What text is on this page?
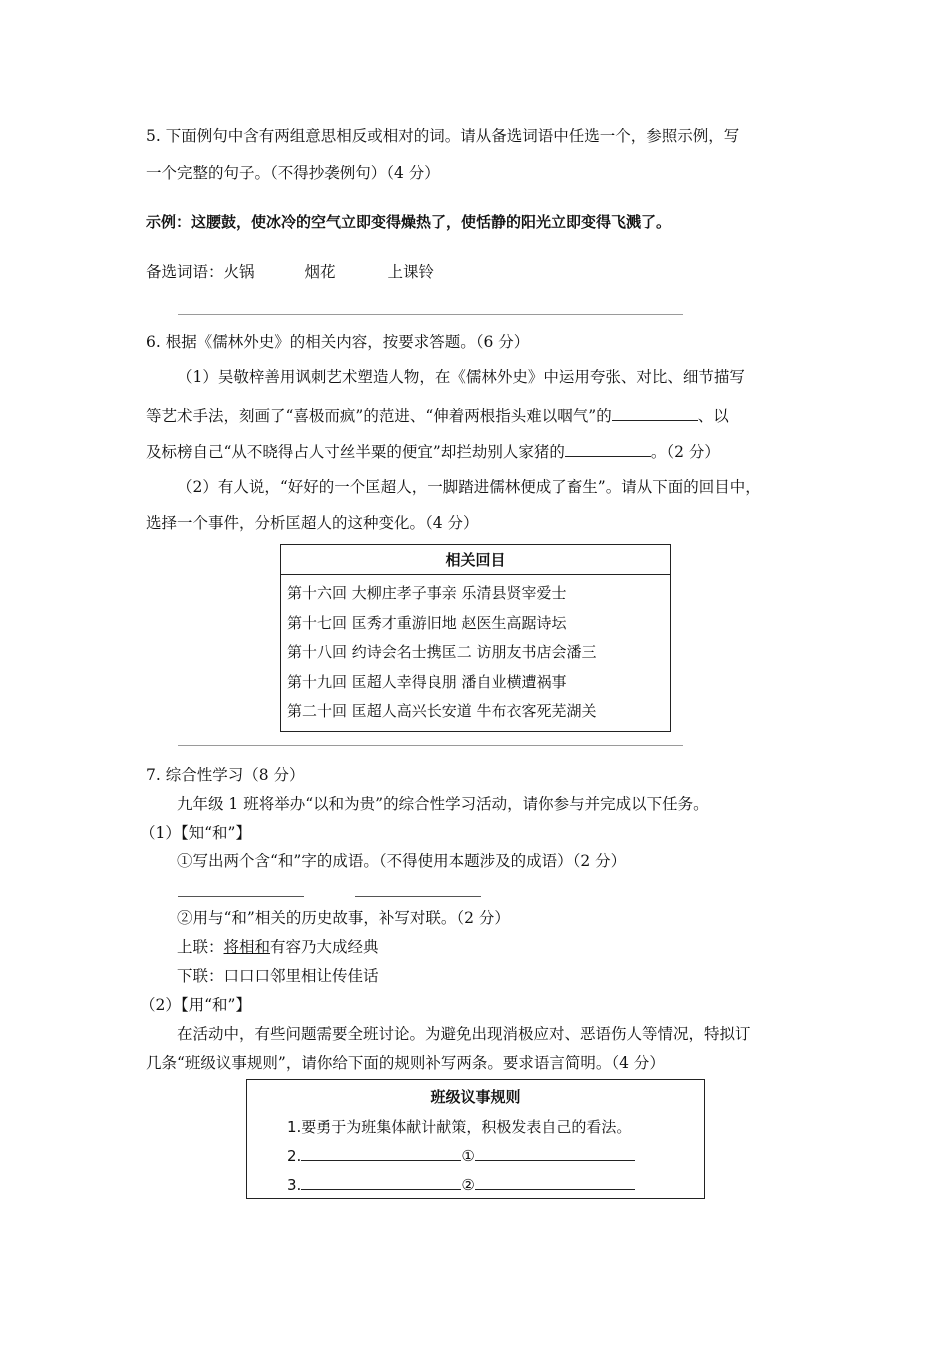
5. 下面例句中含有两组意思相反或相对的词。请从备选词语中任选一个，参照示例，写
一个完整的句子。（不得抄袭例句）（4 分）
示例：这腰鼓，使冰冷的空气立即变得燥热了，使恬静的阳光立即变得飞溅了。
备选词语：火锅	烟花	上课铃
6. 根据《儒林外史》的相关内容，按要求答题。（6 分）
（1）吴敬梓善用讽刺艺术塑造人物，在《儒林外史》中运用夸张、对比、细节描写
等艺术手法，刻画了“喜极而疯”的范进、“伸着两根指头难以咽气”的	、以
及标榜自己“从不晓得占人寸丝半粟的便宜”却拦劫别人家猪的	。（2 分）
（2）有人说，“好好的一个匡超人，一脚踏进儒林便成了畜生”。请从下面的回目中，
选择一个事件，分析匡超人的这种变化。（4 分）
相关回目

第十六回 大柳庄孝子事亲 乐清县贤宰爱士
第十七回 匡秀才重游旧地 赵医生高踞诗坛
第十八回 约诗会名士携匡二 访朋友书店会潘三
第十九回 匡超人幸得良朋 潘自业横遭祸事
第二十回 匡超人高兴长安道 牛布衣客死芜湖关
7. 综合性学习（8 分）
九年级 1 班将举办“以和为贵”的综合性学习活动，请你参与并完成以下任务。
（1）【知“和”】
①写出两个含“和”字的成语。（不得使用本题涉及的成语）（2 分）
②用与“和”相关的历史故事，补写对联。（2 分）
上联：将相和有容乃大成经典
下联：口口口邻里相让传佳话
（2）【用“和”】
在活动中，有些问题需要全班讨论。为避免出现消极应对、恶语伤人等情况，特拟订
几条“班级议事规则”，请你给下面的规则补写两条。要求语言简明。（4 分）
班级议事规则
1.要勇于为班集体献计献策，积极发表自己的看法。
2.	①
3.	②
